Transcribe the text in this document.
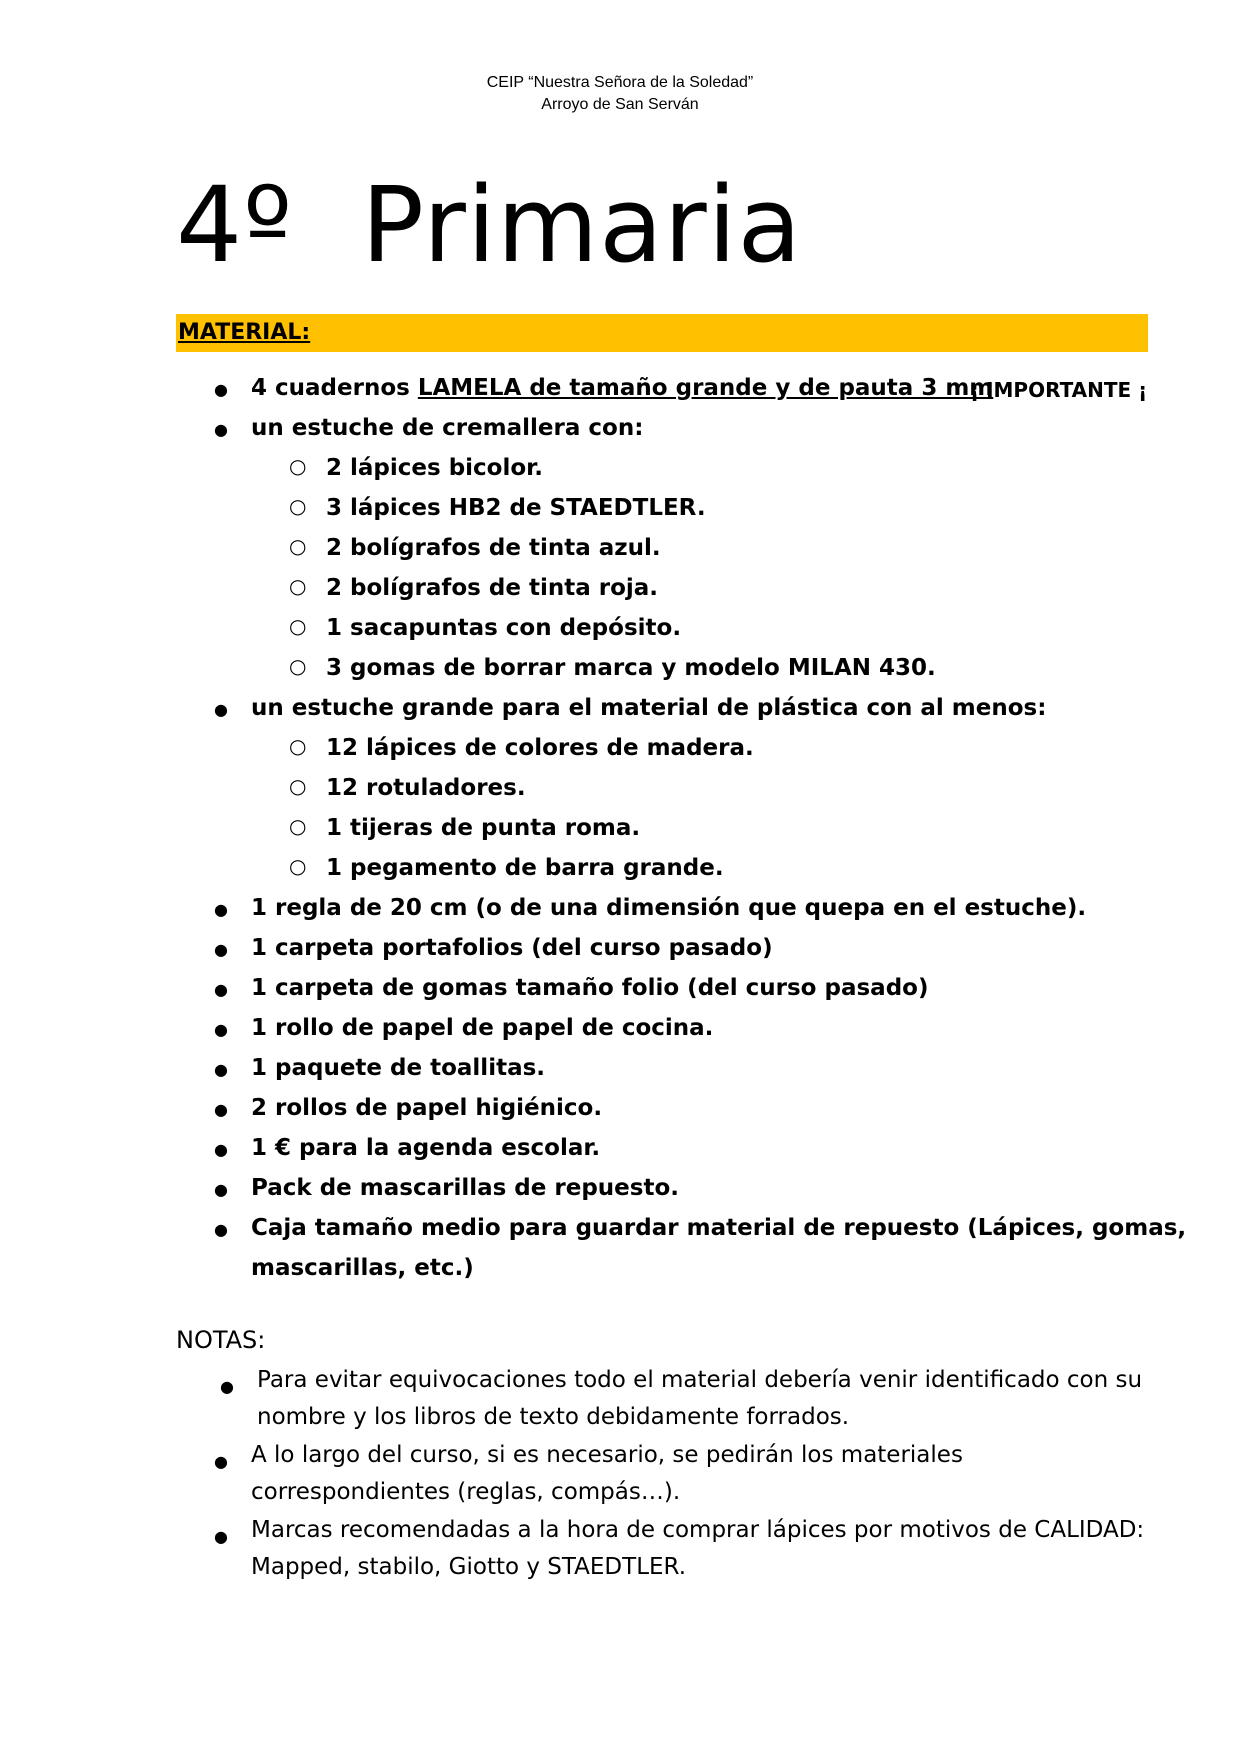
CEIP “Nuestra Señora de la Soledad”
Arroyo de San Serván
4º  Primaria
MATERIAL:
● 4 cuadernos LAMELA de tamaño grande y de pauta 3 mm
¡ IMPORTANTE ¡
● un estuche de cremallera con:
○ 2 lápices bicolor.
○ 3 lápices HB2 de STAEDTLER.
○ 2 bolígrafos de tinta azul.
○ 2 bolígrafos de tinta roja.
○ 1 sacapuntas con depósito.
○ 3 gomas de borrar marca y modelo MILAN 430.
● un estuche grande para el material de plástica con al menos:
○ 12 lápices de colores de madera.
○ 12 rotuladores.
○ 1 tijeras de punta roma.
○ 1 pegamento de barra grande.
● 1 regla de 20 cm (o de una dimensión que quepa en el estuche).
● 1 carpeta portafolios (del curso pasado)
● 1 carpeta de gomas tamaño folio (del curso pasado)
● 1 rollo de papel de papel de cocina.
● 1 paquete de toallitas.
● 2 rollos de papel higiénico.
● 1 € para la agenda escolar.
● Pack de mascarillas de repuesto.
● Caja tamaño medio para guardar material de repuesto (Lápices, gomas,
mascarillas, etc.)
NOTAS:
● Para evitar equivocaciones todo el material debería venir identificado con su
nombre y los libros de texto debidamente forrados.
● A lo largo del curso, si es necesario, se pedirán los materiales
correspondientes (reglas, compás…).
● Marcas recomendadas a la hora de comprar lápices por motivos de CALIDAD:
Mapped, stabilo, Giotto y STAEDTLER.
